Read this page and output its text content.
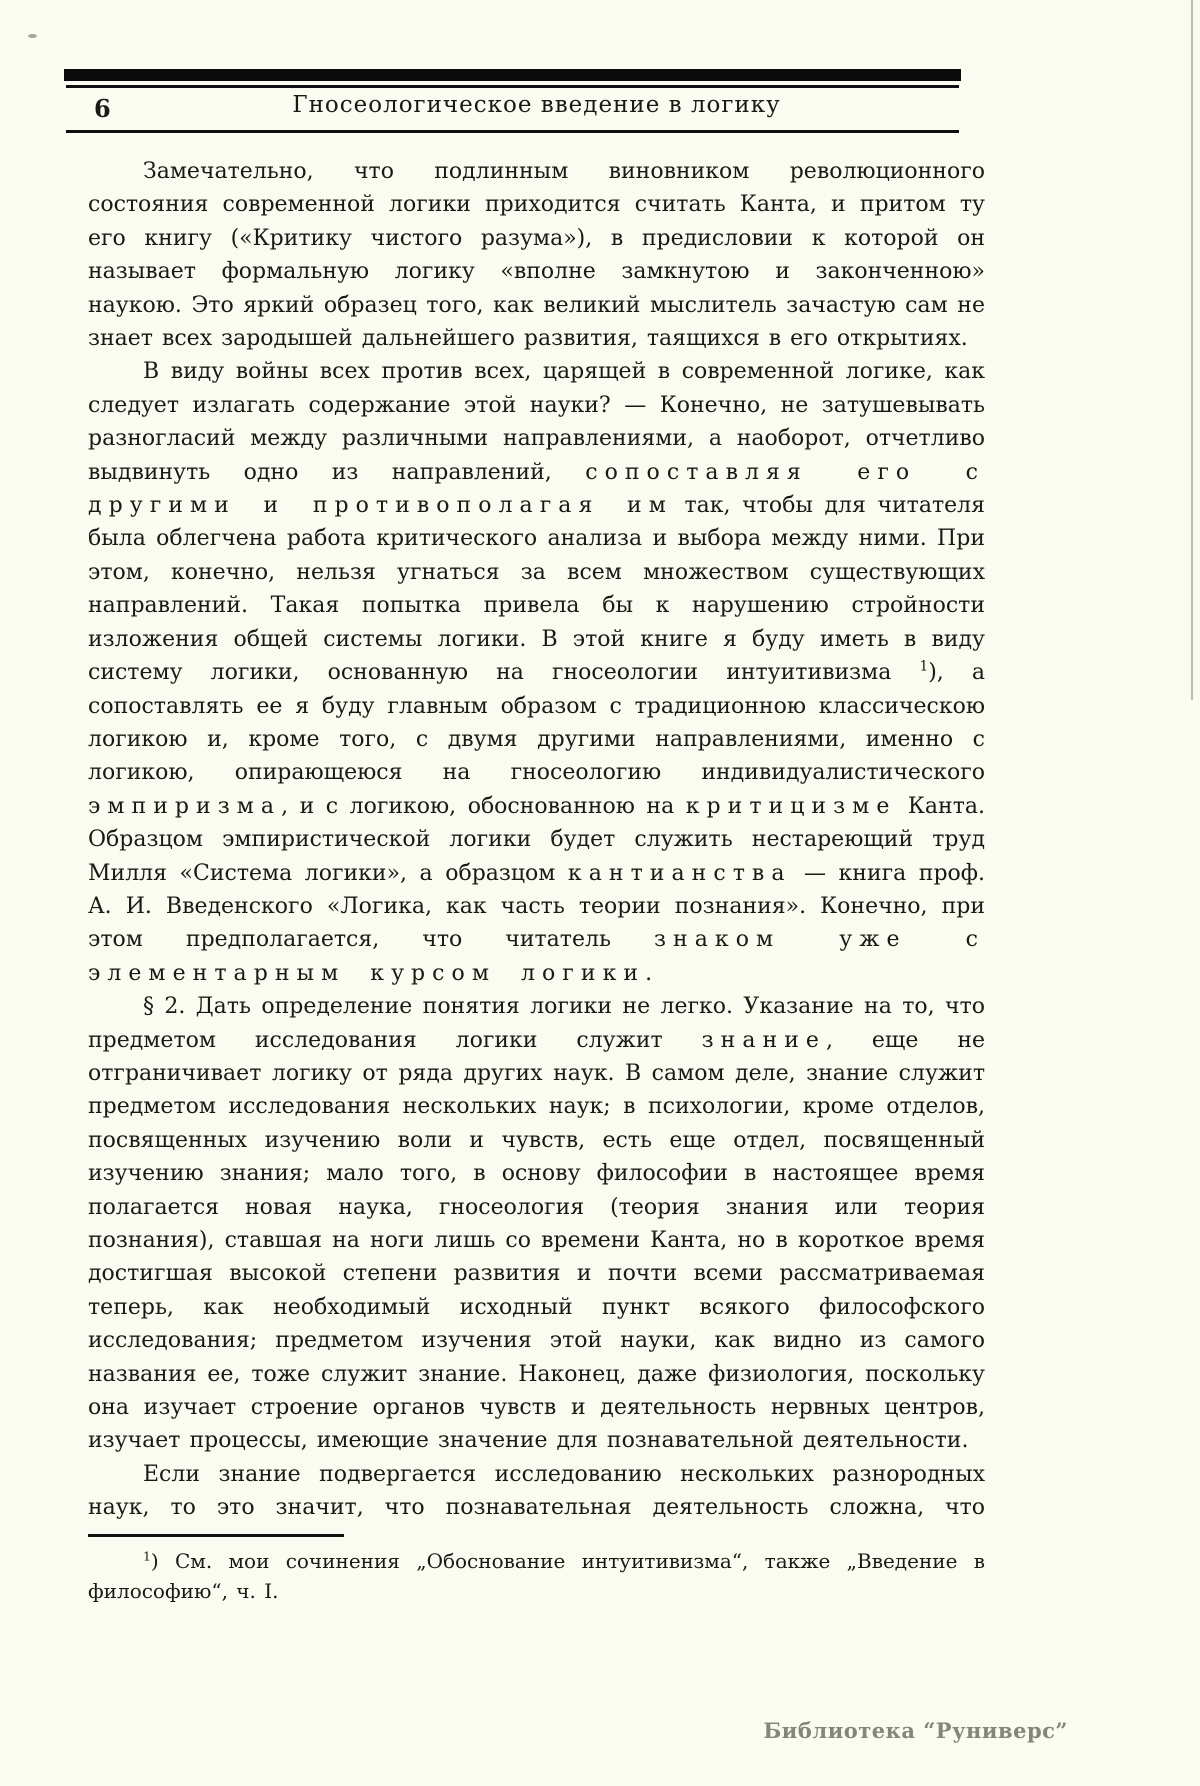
6	Гносеологическое введение в логику

Замечательно, что подлинным виновником революционного состояния современной логики приходится считать Канта, и притом ту его книгу («Критику чистого разума»), в предисловии к которой он называет формальную логику «вполне замкнутою и законченною» наукою. Это яркий образец того, как великий мыслитель зачастую сам не знает всех зародышей дальнейшего развития, таящихся в его открытиях.

В виду войны всех против всех, царящей в современной логике, как следует излагать содержание этой науки? — Конечно, не затушевывать разногласий между различными направлениями, а наоборот, отчетливо выдвинуть одно из направлений, сопоставляя его с другими и противополагая им так, чтобы для читателя была облегчена работа критического анализа и выбора между ними. При этом, конечно, нельзя угнаться за всем множеством существующих направлений. Такая попытка привела бы к нарушению стройности изложения общей системы логики. В этой книге я буду иметь в виду систему логики, основанную на гносеологии интуитивизма $^1$), а сопоставлять ее я буду главным образом с традиционною классическою логикою и, кроме того, с двумя другими направлениями, именно с логикою, опирающеюся на гносеологию индивидуалистического эмпиризма, и с логикою, обоснованною на критицизме Канта. Образцом эмпиристической логики будет служить нестареющий труд Милля «Система логики», а образцом кантианства — книга проф. А. И. Введенского «Логика, как часть теории познания». Конечно, при этом предполагается, что читатель знаком уже с элементарным курсом логики.

§ 2. Дать определение понятия логики не легко. Указание на то, что предметом исследования логики служит знание, еще не отграничивает логику от ряда других наук. В самом деле, знание служит предметом исследования нескольких наук; в психологии, кроме отделов, посвященных изучению воли и чувств, есть еще отдел, посвященный изучению знания; мало того, в основу философии в настоящее время полагается новая наука, гносеология (теория знания или теория познания), ставшая на ноги лишь со времени Канта, но в короткое время достигшая высокой степени развития и почти всеми рассматриваемая теперь, как необходимый исходный пункт всякого философского исследования; предметом изучения этой науки, как видно из самого названия ее, тоже служит знание. Наконец, даже физиология, поскольку она изучает строение органов чувств и деятельность нервных центров, изучает процессы, имеющие значение для познавательной деятельности.

Если знание подвергается исследованию нескольких разнородных наук, то это значит, что познавательная деятельность сложна, что

$^1$) См. мои сочинения „Обоснование интуитивизма“, также „Введение в философию“, ч. I.

Библиотека “Руниверс”
